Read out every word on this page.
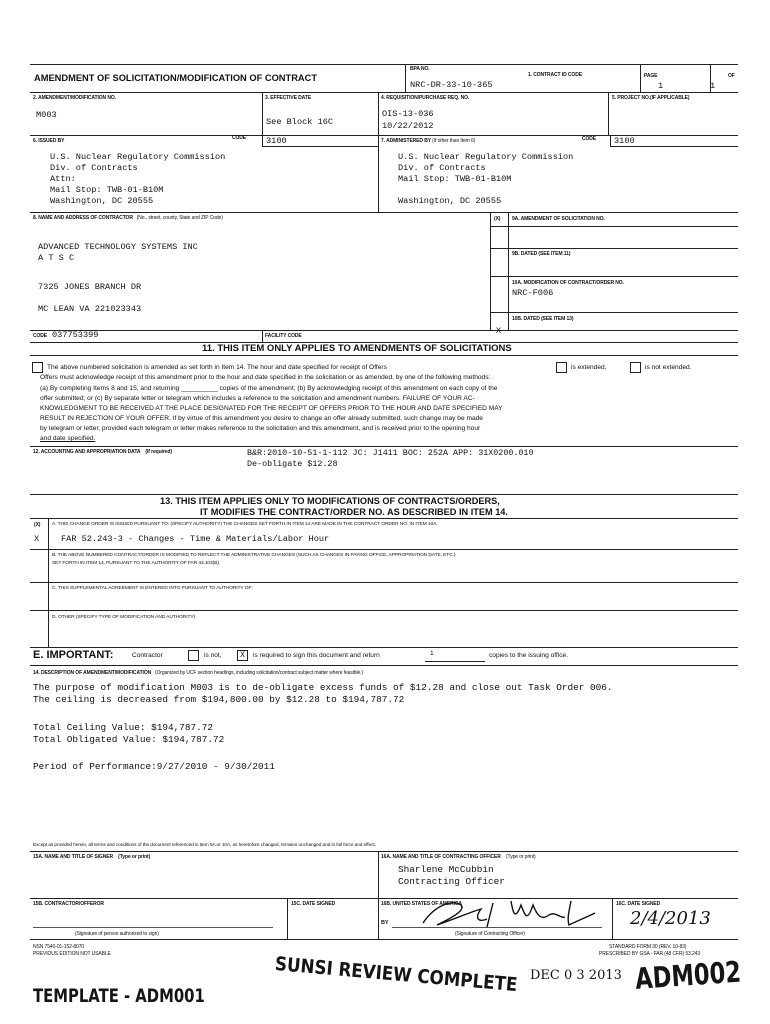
AMENDMENT OF SOLICITATION/MODIFICATION OF CONTRACT
BPA NO.
NRC-DR-33-10-365
1. CONTRACT ID CODE	PAGE	OF
1	1
2. AMENDMENT/MODIFICATION NO.
M003
3. EFFECTIVE DATE
See Block 16C
4. REQUISITION/PURCHASE REQ. NO.
OIS-13-036
10/22/2012
5. PROJECT NO.(IF APPLICABLE)
6. ISSUED BY	CODE 3100
U.S. Nuclear Regulatory Commission
Div. of Contracts
Attn:
Mail Stop: TWB-01-B10M
Washington, DC 20555
7. ADMINISTERED BY (If other than Item 6)	CODE 3100
U.S. Nuclear Regulatory Commission
Div. of Contracts
Mail Stop: TWB-01-B10M
Washington, DC 20555
8. NAME AND ADDRESS OF CONTRACTOR (No., street, county, State and ZIP Code)
ADVANCED TECHNOLOGY SYSTEMS INC
A T S C
7325 JONES BRANCH DR
MC LEAN VA 221023343
(X)
CODE 037753399	FACILITY CODE
9A. AMENDMENT OF SOLICITATION NO.
9B. DATED (SEE ITEM 11)
10A. MODIFICATION OF CONTRACT/ORDER NO.
NRC-F006
10B. DATED (SEE ITEM 13)
X
11. THIS ITEM ONLY APPLIES TO AMENDMENTS OF SOLICITATIONS
The above numbered solicitation is amended as set forth in Item 14. The hour and date specified for receipt of Offers	is extended,	is not extended.
Offers must acknowledge receipt of this amendment prior to the hour and date specified in the solicitation or as amended, by one of the following methods:
(a) By completing Items 8 and 15, and returning __________ copies of the amendment; (b) By acknowledging receipt of this amendment on each copy of the
offer submitted; or (c) By separate letter or telegram which includes a reference to the solicitation and amendment numbers. FAILURE OF YOUR AC-
KNOWLEDGMENT TO BE RECEIVED AT THE PLACE DESIGNATED FOR THE RECEIPT OF OFFERS PRIOR TO THE HOUR AND DATE SPECIFIED MAY
RESULT IN REJECTION OF YOUR OFFER. If by virtue of this amendment you desire to change an offer already submitted, such change may be made
by telegram or letter, provided each telegram or letter makes reference to the solicitation and this amendment, and is received prior to the opening hour
and date specified.
12. ACCOUNTING AND APPROPRIATION DATA (If required)	B&R:2010-10-51-1-112 JC: J1411 BOC: 252A APP: 31X0200.010
De-obligate $12.28
13. THIS ITEM APPLIES ONLY TO MODIFICATIONS OF CONTRACTS/ORDERS,
IT MODIFIES THE CONTRACT/ORDER NO. AS DESCRIBED IN ITEM 14.
(X) A. THIS CHANGE ORDER IS ISSUED PURSUANT TO: (SPECIFY AUTHORITY) THE CHANGES SET FORTH IN ITEM 14 ARE MADE IN THE CONTRACT ORDER NO. IN ITEM 10A.
X	FAR 52.243-3 - Changes - Time & Materials/Labor Hour
B. THE ABOVE NUMBERED CONTRACT/ORDER IS MODIFIED TO REFLECT THE ADMINISTRATIVE CHANGES (SUCH AS CHANGES IN PAYING OFFICE, APPROPRIATION DATE, ETC.)
SET FORTH IN ITEM 14, PURSUANT TO THE AUTHORITY OF FAR 43.103(B).
C. THIS SUPPLEMENTAL AGREEMENT IS ENTERED INTO PURSUANT TO AUTHORITY OF:
D. OTHER (SPECIFY TYPE OF MODIFICATION AND AUTHORITY)
E. IMPORTANT:	Contractor	is not,	X	is required to sign this document and return	1	copies to the issuing office.
14. DESCRIPTION OF AMENDMENT/MODIFICATION (Organized by UCF section headings, including solicitation/contract subject matter where feasible.)
The purpose of modification M003 is to de-obligate excess funds of $12.28 and close out Task Order 006.
The ceiling is decreased from $194,800.00 by $12.28 to $194,787.72
Total Ceiling Value: $194,787.72
Total Obligated Value: $194,787.72
Period of Performance:9/27/2010 - 9/30/2011
Except as provided herein, all terms and conditions of the document referenced in Item 9A or 10A, as heretofore changed, remains unchanged and in full force and effect.
15A. NAME AND TITLE OF SIGNER (Type or print)
15B. CONTRACTOR/OFFEROR
(Signature of person authorized to sign)
15C. DATE SIGNED
16A. NAME AND TITLE OF CONTRACTING OFFICER (Type or print)
Sharlene McCubbin
Contracting Officer
16B. UNITED STATES OF AMERICA
BY
(Signature of Contracting Officer)
16C. DATE SIGNED
2/4/2013
NSN 7540-01-152-8070
PREVIOUS EDITION NOT USABLE
STANDARD FORM 30 (REV. 10-83)
PRESCRIBED BY GSA - FAR (48 CFR) 53.243
TEMPLATE - ADM001	SUNSI REVIEW COMPLETE DEC 0 3 2013 ADM002
